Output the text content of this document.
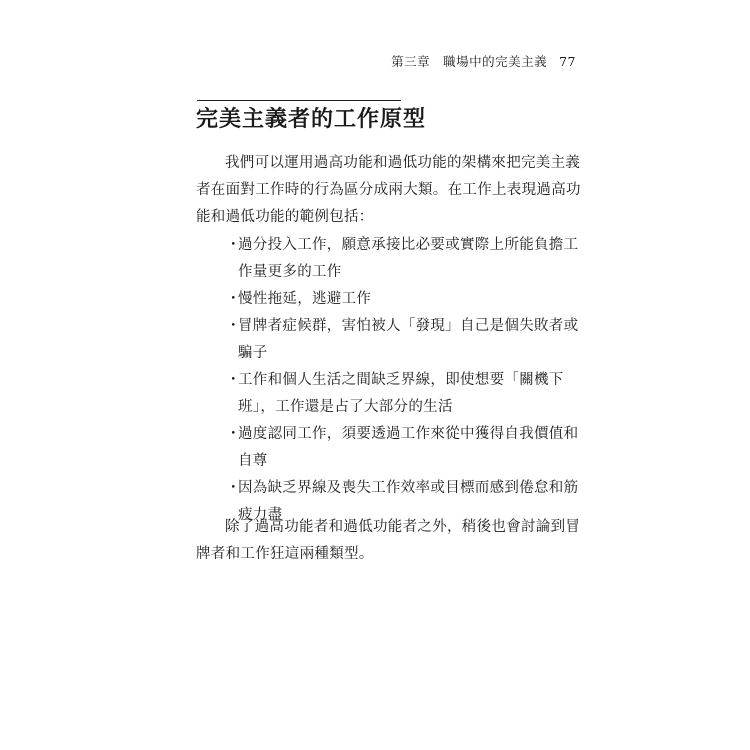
第三章　職場中的完美主義 77
完美主義者的工作原型

我們可以運用過高功能和過低功能的架構來把完美主義者在面對工作時的行為區分成兩大類。在工作上表現過高功能和過低功能的範例包括：

・
過分投入工作，願意承接比必要或實際上所能負擔工作量更多的工作
・
慢性拖延，逃避工作
・
冒牌者症候群，害怕被人「發現」自己是個失敗者或騙子
・
工作和個人生活之間缺乏界線，即使想要「關機下班」，工作還是占了大部分的生活
・
過度認同工作，須要透過工作來從中獲得自我價值和自尊
・
因為缺乏界線及喪失工作效率或目標而感到倦怠和筋疲力盡

除了過高功能者和過低功能者之外，稍後也會討論到冒牌者和工作狂這兩種類型。
